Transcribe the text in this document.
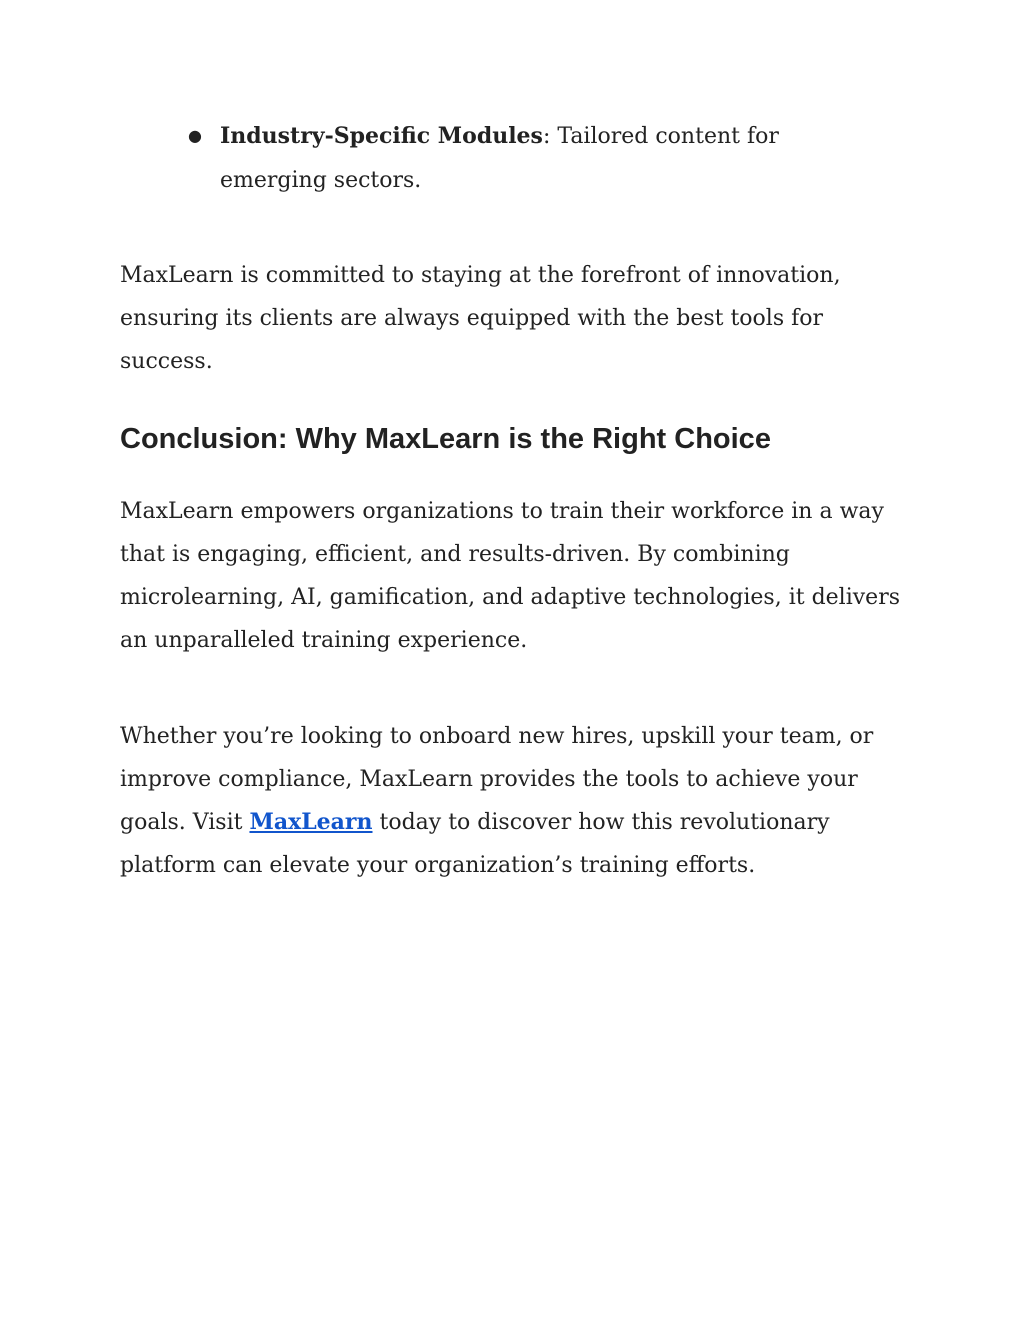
● Industry-Specific Modules: Tailored content for
emerging sectors.

MaxLearn is committed to staying at the forefront of innovation,
ensuring its clients are always equipped with the best tools for success.

Conclusion: Why MaxLearn is the Right Choice

MaxLearn empowers organizations to train their workforce in a way
that is engaging, efficient, and results-driven. By combining
microlearning, AI, gamification, and adaptive technologies, it delivers
an unparalleled training experience.

Whether you’re looking to onboard new hires, upskill your team, or
improve compliance, MaxLearn provides the tools to achieve your
goals. Visit MaxLearn today to discover how this revolutionary
platform can elevate your organization’s training efforts.
